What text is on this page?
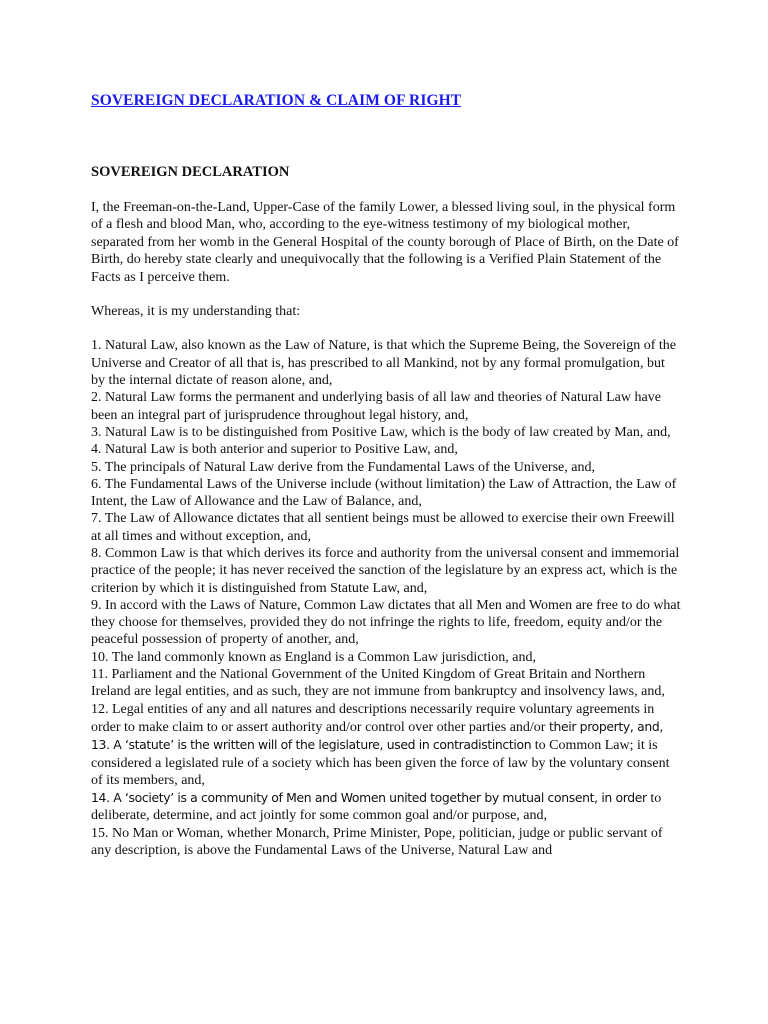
SOVEREIGN DECLARATION & CLAIM OF RIGHT
SOVEREIGN DECLARATION

I, the Freeman-on-the-Land, Upper-Case of the family Lower, a blessed living soul, in the physical form of a flesh and blood Man, who, according to the eye-witness testimony of my biological mother, separated from her womb in the General Hospital of the county borough of Place of Birth, on the Date of Birth, do hereby state clearly and unequivocally that the following is a Verified Plain Statement of the Facts as I perceive them.

Whereas, it is my understanding that:

1. Natural Law, also known as the Law of Nature, is that which the Supreme Being, the Sovereign of the Universe and Creator of all that is, has prescribed to all Mankind, not by any formal promulgation, but by the internal dictate of reason alone, and,

2. Natural Law forms the permanent and underlying basis of all law and theories of Natural Law have been an integral part of jurisprudence throughout legal history, and,

3. Natural Law is to be distinguished from Positive Law, which is the body of law created by Man, and,

4. Natural Law is both anterior and superior to Positive Law, and,

5. The principals of Natural Law derive from the Fundamental Laws of the Universe, and,

6. The Fundamental Laws of the Universe include (without limitation) the Law of Attraction, the Law of Intent, the Law of Allowance and the Law of Balance, and,

7. The Law of Allowance dictates that all sentient beings must be allowed to exercise their own Freewill at all times and without exception, and,

8. Common Law is that which derives its force and authority from the universal consent and immemorial practice of the people; it has never received the sanction of the legislature by an express act, which is the criterion by which it is distinguished from Statute Law, and,

9. In accord with the Laws of Nature, Common Law dictates that all Men and Women are free to do what they choose for themselves, provided they do not infringe the rights to life, freedom, equity and/or the peaceful possession of property of another, and,

10. The land commonly known as England is a Common Law jurisdiction, and,

11. Parliament and the National Government of the United Kingdom of Great Britain and Northern Ireland are legal entities, and as such, they are not immune from bankruptcy and insolvency laws, and,

12. Legal entities of any and all natures and descriptions necessarily require voluntary agreements in order to make claim to or assert authority and/or control over other parties and/or their property, and, 13. A ‘statute’ is the written will of the legislature, used in contradistinction to Common Law; it is considered a legislated rule of a society which has been given the force of law by the voluntary consent of its members, and,

14. A ‘society’ is a community of Men and Women united together by mutual consent, in order to deliberate, determine, and act jointly for some common goal and/or purpose, and,

15. No Man or Woman, whether Monarch, Prime Minister, Pope, politician, judge or public servant of any description, is above the Fundamental Laws of the Universe, Natural Law and
